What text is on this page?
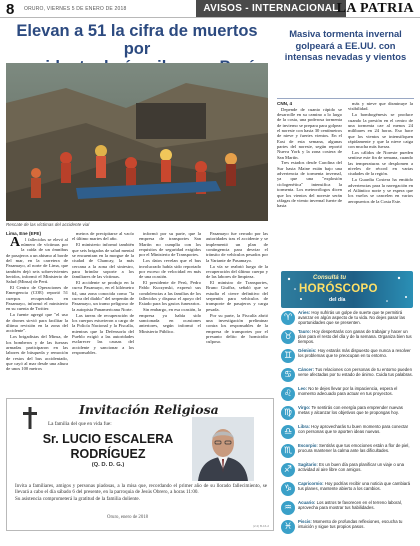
8 ORURO, VIERNES 5 DE ENERO DE 2018	AVISOS - INTERNACIONAL
LA PATRIA
Elevan a 51 la cifra de muertos por
Rescate de las víctimas del accidente vial

Lima, Ene (EFE)

A l fallecidos se elevó al número de víctimas por la caída de un ómnibus de pasajeros a un abismo al borde del mar, en la carretera de Pasamayo, al norte de Lima, que también dejó seis sobrevivientes heridos, informó el Ministerio de Salud (Minsa) de Perú.

El Centro de Operaciones de Emergencia (COE) reportó 51 cuerpos recuperados en Pasamayo, informó el ministerio en su cuenta de Twitter.

La fuente agregó que "el uso de drones sirvió para facilitar la última revisión en la zona del accidente".

Los brigadistas del Minsa, de los bomberos y de las fuerzas armadas participaron en las labores de búsqueda y remoción de restos del bus accidentado, que cayó al mar desde una altura de unos 100 metros

metros de precipitarse al vacío el último martes del año.

El ministerio informó también que seis brigadas de salud mental se encuentran en la morgue de la ciudad de Chancay, la más cercana a la zona del siniestro, para brindar soporte a los familiares de las víctimas.

El accidente se produjo en la curva Pasamayo, en el kilómetro 64, una zona conocida como "la curva del diablo" del serpentín de Pasamayo, un tramo peligroso de la autopista Panamericana Norte.

Las tareas de recuperación de los cuerpos estuvieron a cargo de la Policía Nacional y la Fiscalía, mientras que la Defensoría del Pueblo exigió a las autoridades esclarecer las causas del accidente y sancionar a los responsables.

informó por su parte, que la empresa de transportes San Martín no cumplía con los requisitos de seguridad exigidos por el Ministerio de Transportes.

Los datos revelan que el bus involucrado había sido reportado por exceso de velocidad en más de una ocasión.

El presidente de Perú, Pedro Pablo Kuczynski, expresó sus condolencias a las familias de los fallecidos y dispuso el apoyo del Estado para los gastos funerarios.

Sin embargo, en esa ocasión, la empresa ya había sido sancionada en ocasiones anteriores, según informó el Ministerio Público.

Pasamayo fue cerrado por las autoridades tras el accidente y se implementó un plan de contingencia para desviar el tránsito de vehículos pesados por la Variante de Pasamayo.

La vía se reabrió luego de la recuperación del último cuerpo y de las labores de limpieza.

El ministro de Transportes, Bruno Giuffra, señaló que se estudia el cierre definitivo del serpentín para vehículos de transporte de pasajeros y carga pesada.

Por su parte, la Fiscalía abrió una investigación preliminar contra los responsables de la empresa de transportes por el presunto delito de homicidio culposo.

Masiva tormenta invernal golpeará a EE.UU. con intensas nevadas y vientos

CNN, 4

Depende de cuanto rápido se desarrolle en su camino a lo largo de la costa, una poderosa tormenta de invierno se prepara para golpear el noreste con hasta 30 centímetros de nieve y fuertes vientos. En el East de esta semana, algunas partes del noreste, según reportó Nueva York y la zona costera de San Martín.

Tres estados desde Carolina del Sur hasta Maine están bajo una advertencia de tormenta invernal, ya que una "explosión ciclogenética" intensifica la tormenta. Los meteorólogos dicen que los vientos del noreste serán ráfagas de viento invernal fuerte de hasta

más y nieve que disminuye la visibilidad.

La bombogénesis se produce cuando la presión en el centro de una tormenta cae al menos 24 milibares en 24 horas. Eso hace que los vientos se intensifiquen rápidamente y que la nieve caiga con mucha más fuerza.

Los cálidos de Noreste pueden sentirse este fin de semana, cuando las temperaturas se desplomen a niveles de récord en varias ciudades de la región.

La Guardia Costera ha emitido advertencias para la navegación en el Atlántico norte y se espera que los vuelos se cancelen en varios aeropuertos de la Costa Este.

Consultá tu
HORÓSCOPO
del día
♈
Aries: Hoy sufrirás un golpe de suerte que te permitirá avanzar en algún aspecto de tu vida. No dejes pasar las oportunidades que se presenten.
♉
Tauro: Hoy despertarás con ganas de trabajar y hacer un plan para el resto del día y de la semana. Organiza bien tus tiempos.
♊
Géminis: Hoy estarás más dispuesto que nunca a resolver los problemas que te preocupan en tu entorno.
♋
Cáncer: Tus relaciones con personas de tu entorno pueden verse afectadas por tu estado de ánimo. Cuida tus palabras.
♌
Leo: No te dejes llevar por la impaciencia, espera el momento adecuado para actuar en tus proyectos.
♍
Virgo: Te sentirás con energía para emprender nuevas metas y alcanzar los objetivos que te propongas hoy.
♎
Libra: Hoy aprovecharás tu buen momento para conectar con personas que te aporten ideas nuevas.
♏
Escorpio: Sentirás que tus emociones están a flor de piel, procura mantener la calma ante las dificultades.
♐
Sagitario: Es un buen día para planificar un viaje o una actividad al aire libre con amigos.
♑
Capricornio: Hoy podrías recibir una noticia que cambiará tus planes, mantente abierto a los cambios.
♒
Acuario: Los astros te favorecen en el terreno laboral, aprovecha para mostrar tus habilidades.
♓
Piscis: Momento de profundas reflexiones, escucha tu intuición y sigue tus propios pasos.
Invitación Religiosa
La familia del que en vida fue:
Sr. LUCIO ESCALERA
RODRÍGUEZ
(Q. D. D. G.)
Invita a familiares, amigos y personas piadosas, a la misa que, recordando el primer año de su llorado fallecimiento, se llevará a cabo el día sábado 6 del presente, en la parroquia de Jesús Obrero, a horas 11:00.
Su asistencia comprometerá la gratitud de la familia doliente.
Oruro, enero de 2018
(2.2) B-16-2
